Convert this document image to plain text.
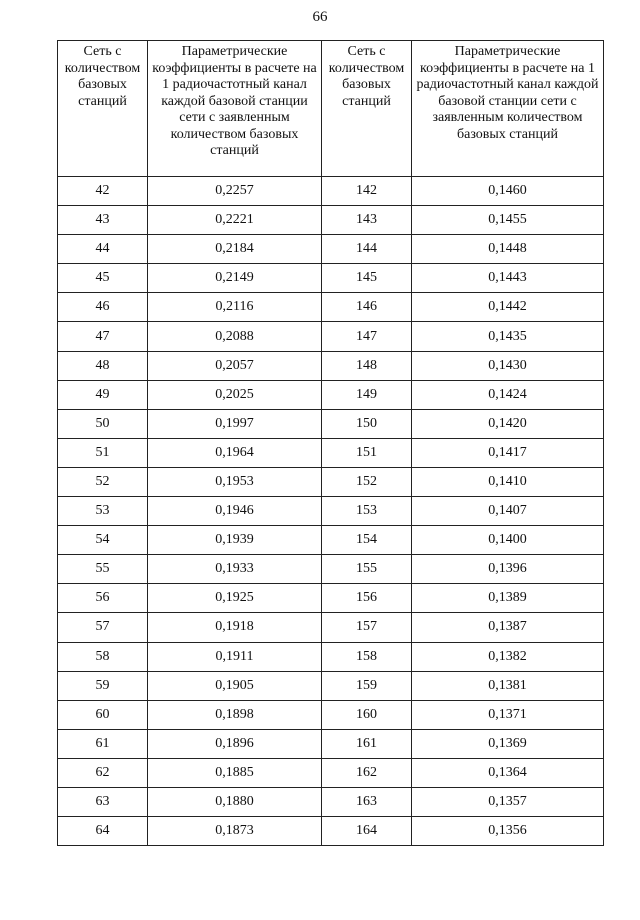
66
Сеть с количеством базовых станций	Параметрические коэффициенты в расчете на 1 радиочастотный канал каждой базовой станции сети с заявленным количеством базовых станций	Сеть с количеством базовых станций	Параметрические коэффициенты в расчете на 1 радиочастотный канал каждой базовой станции сети с заявленным количеством базовых станций
42	0,2257	142	0,1460
43	0,2221	143	0,1455
44	0,2184	144	0,1448
45	0,2149	145	0,1443
46	0,2116	146	0,1442
47	0,2088	147	0,1435
48	0,2057	148	0,1430
49	0,2025	149	0,1424
50	0,1997	150	0,1420
51	0,1964	151	0,1417
52	0,1953	152	0,1410
53	0,1946	153	0,1407
54	0,1939	154	0,1400
55	0,1933	155	0,1396
56	0,1925	156	0,1389
57	0,1918	157	0,1387
58	0,1911	158	0,1382
59	0,1905	159	0,1381
60	0,1898	160	0,1371
61	0,1896	161	0,1369
62	0,1885	162	0,1364
63	0,1880	163	0,1357
64	0,1873	164	0,1356
